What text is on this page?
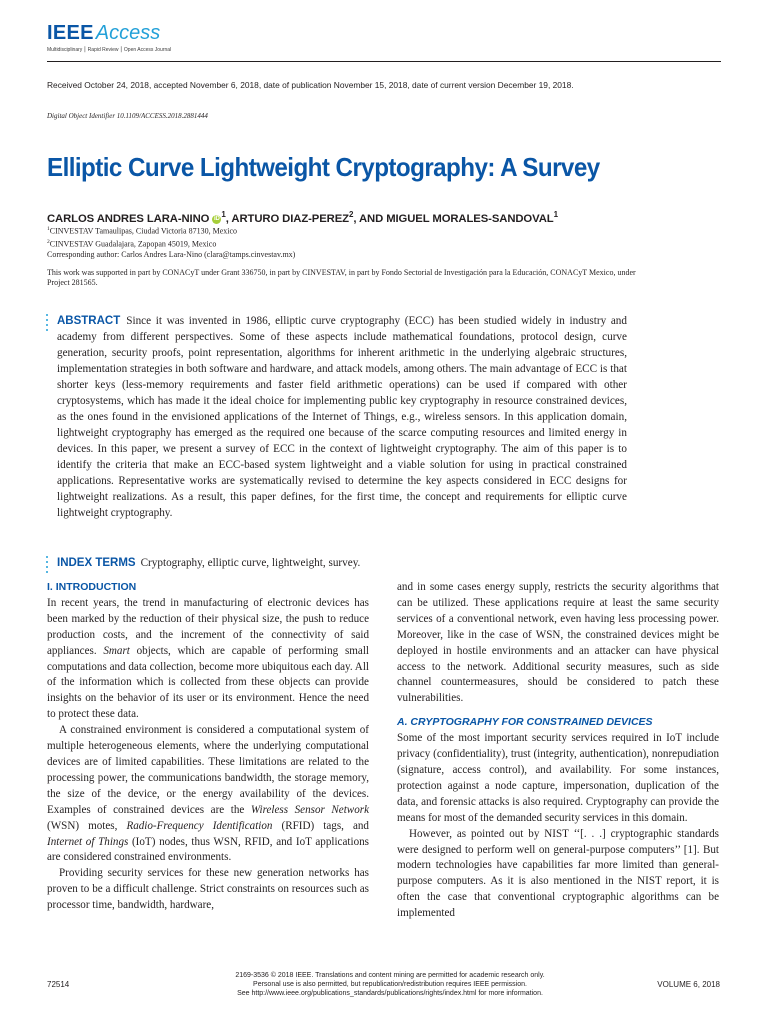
IEEE Access
Multidisciplinary ⎮ Rapid Review ⎮ Open Access Journal
Received October 24, 2018, accepted November 6, 2018, date of publication November 15, 2018, date of current version December 19, 2018.
Digital Object Identifier 10.1109/ACCESS.2018.2881444
Elliptic Curve Lightweight Cryptography: A Survey
CARLOS ANDRES LARA-NINO iD $^1$, ARTURO DIAZ-PEREZ$^2$, AND MIGUEL MORALES-SANDOVAL$^1$
$^1$CINVESTAV Tamaulipas, Ciudad Victoria 87130, Mexico
$^2$CINVESTAV Guadalajara, Zapopan 45019, Mexico
Corresponding author: Carlos Andres Lara-Nino (clara@tamps.cinvestav.mx)
This work was supported in part by CONACyT under Grant 336750, in part by CINVESTAV, in part by Fondo Sectorial de Investigación para la Educación, CONACyT Mexico, under Project 281565.
ABSTRACT Since it was invented in 1986, elliptic curve cryptography (ECC) has been studied widely in industry and academy from different perspectives. Some of these aspects include mathematical foundations, protocol design, curve generation, security proofs, point representation, algorithms for inherent arithmetic in the underlying algebraic structures, implementation strategies in both software and hardware, and attack models, among others. The main advantage of ECC is that shorter keys (less-memory requirements and faster field arithmetic operations) can be used if compared with other cryptosystems, which has made it the ideal choice for implementing public key cryptography in resource constrained devices, as the ones found in the envisioned applications of the Internet of Things, e.g., wireless sensors. In this application domain, lightweight cryptography has emerged as the required one because of the scarce computing resources and limited energy in devices. In this paper, we present a survey of ECC in the context of lightweight cryptography. The aim of this paper is to identify the criteria that make an ECC-based system lightweight and a viable solution for using in practical constrained applications. Representative works are systematically revised to determine the key aspects considered in ECC designs for lightweight realizations. As a result, this paper defines, for the first time, the concept and requirements for elliptic curve lightweight cryptography.
INDEX TERMS Cryptography, elliptic curve, lightweight, survey.
I. INTRODUCTION

In recent years, the trend in manufacturing of electronic devices has been marked by the reduction of their physical size, the push to reduce production costs, and the increment of the connectivity of said appliances. Smart objects, which are capable of performing small computations and data collection, become more ubiquitous each day. All of the information which is collected from these objects can provide insights on the behavior of its user or its environment. Hence the need to protect these data.

A constrained environment is considered a computational system of multiple heterogeneous elements, where the underlying computational devices are of limited capabilities. These limitations are related to the processing power, the communications bandwidth, the storage memory, the size of the device, or the energy availability of the devices. Examples of constrained devices are the Wireless Sensor Network (WSN) motes, Radio-Frequency Identification (RFID) tags, and Internet of Things (IoT) nodes, thus WSN, RFID, and IoT applications are considered constrained environments.

Providing security services for these new generation networks has proven to be a difficult challenge. Strict constraints on resources such as processor time, bandwidth, hardware,

and in some cases energy supply, restricts the security algorithms that can be utilized. These applications require at least the same security services of a conventional network, even having less processing power. Moreover, like in the case of WSN, the constrained devices might be deployed in hostile environments and an attacker can have physical access to the network. Additional security measures, such as side channel countermeasures, should be considered to patch these vulnerabilities.

A. CRYPTOGRAPHY FOR CONSTRAINED DEVICES

Some of the most important security services required in IoT include privacy (confidentiality), trust (integrity, authentication), nonrepudiation (signature, access control), and availability. For some instances, protection against a node capture, impersonation, duplication of the data, and forensic attacks is also required. Cryptography can provide the means for most of the demanded security services in this domain.

However, as pointed out by NIST ‘‘[. . .] cryptographic standards were designed to perform well on general-purpose computers’’ [1]. But modern technologies have capabilities far more limited than general-purpose computers. As it is also mentioned in the NIST report, it is often the case that conventional cryptographic algorithms can be implemented

72514
2169-3536 © 2018 IEEE. Translations and content mining are permitted for academic research only.
Personal use is also permitted, but republication/redistribution requires IEEE permission.
See http://www.ieee.org/publications_standards/publications/rights/index.html for more information.
VOLUME 6, 2018
